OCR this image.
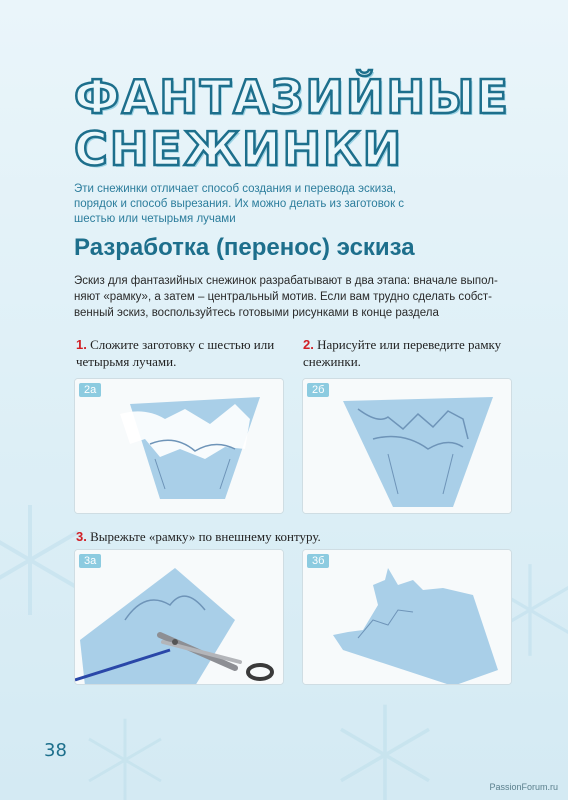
ФАНТАЗИЙНЫЕ
СНЕЖИНКИ

Эти снежинки отличает способ создания и перевода эскиза, порядок и способ вырезания. Их можно делать из заготовок с шестью или четырьмя лучами

Разработка (перенос) эскиза

Эскиз для фантазийных снежинок разрабатывают в два этапа: вначале выпол-няют «рамку», а затем – центральный мотив. Если вам трудно сделать собст-венный эскиз, воспользуйтесь готовыми рисунками в конце раздела

1. Сложите заготовку с шестью или четырьмя лучами.
2. Нарисуйте или переведите рамку снежинки.
2а	2б
3. Вырежьте «рамку» по внешнему контуру.
3а	3б
38
PassionForum.ru
